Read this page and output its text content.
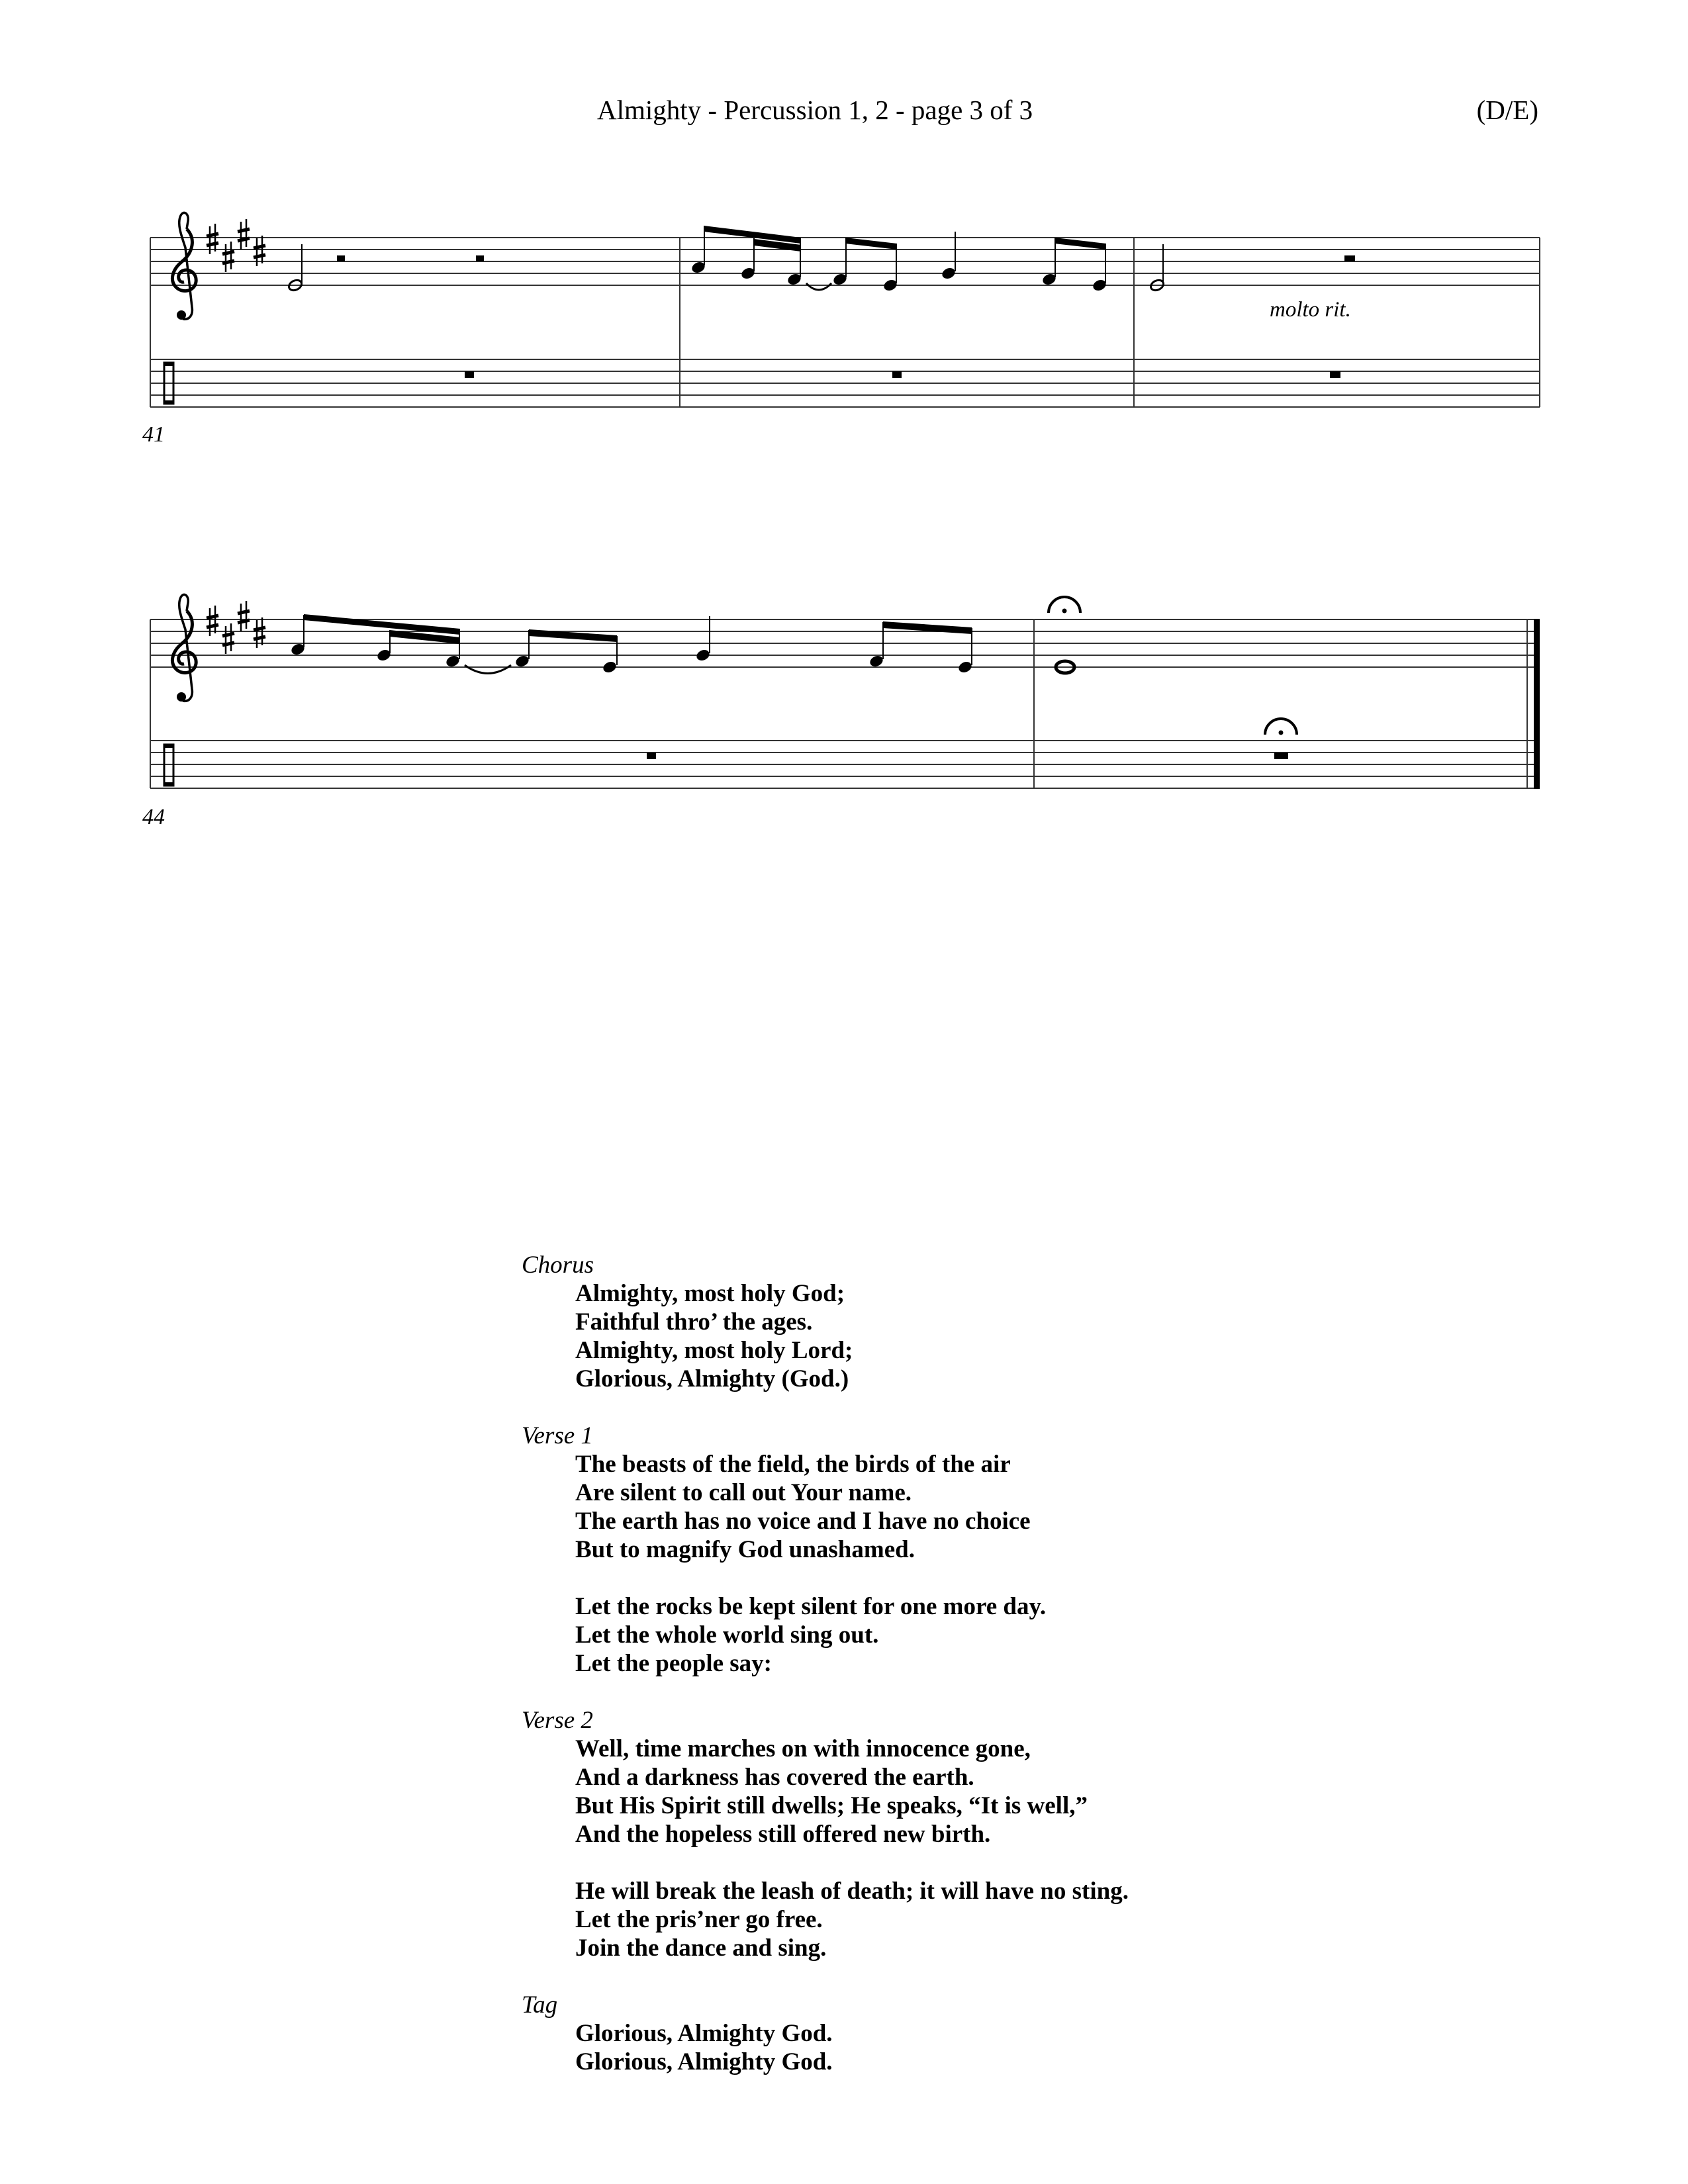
Almighty - Percussion 1, 2 - page 3 of 3	(D/E)
molto rit.
41
44
Chorus
Almighty, most holy God;
Faithful thro’ the ages.
Almighty, most holy Lord;
Glorious, Almighty (God.)
Verse 1
The beasts of the field, the birds of the air
Are silent to call out Your name.
The earth has no voice and I have no choice
But to magnify God unashamed.
Let the rocks be kept silent for one more day.
Let the whole world sing out.
Let the people say:
Verse 2
Well, time marches on with innocence gone,
And a darkness has covered the earth.
But His Spirit still dwells; He speaks, “It is well,”
And the hopeless still offered new birth.
He will break the leash of death; it will have no sting.
Let the pris’ner go free.
Join the dance and sing.
Tag
Glorious, Almighty God.
Glorious, Almighty God.
